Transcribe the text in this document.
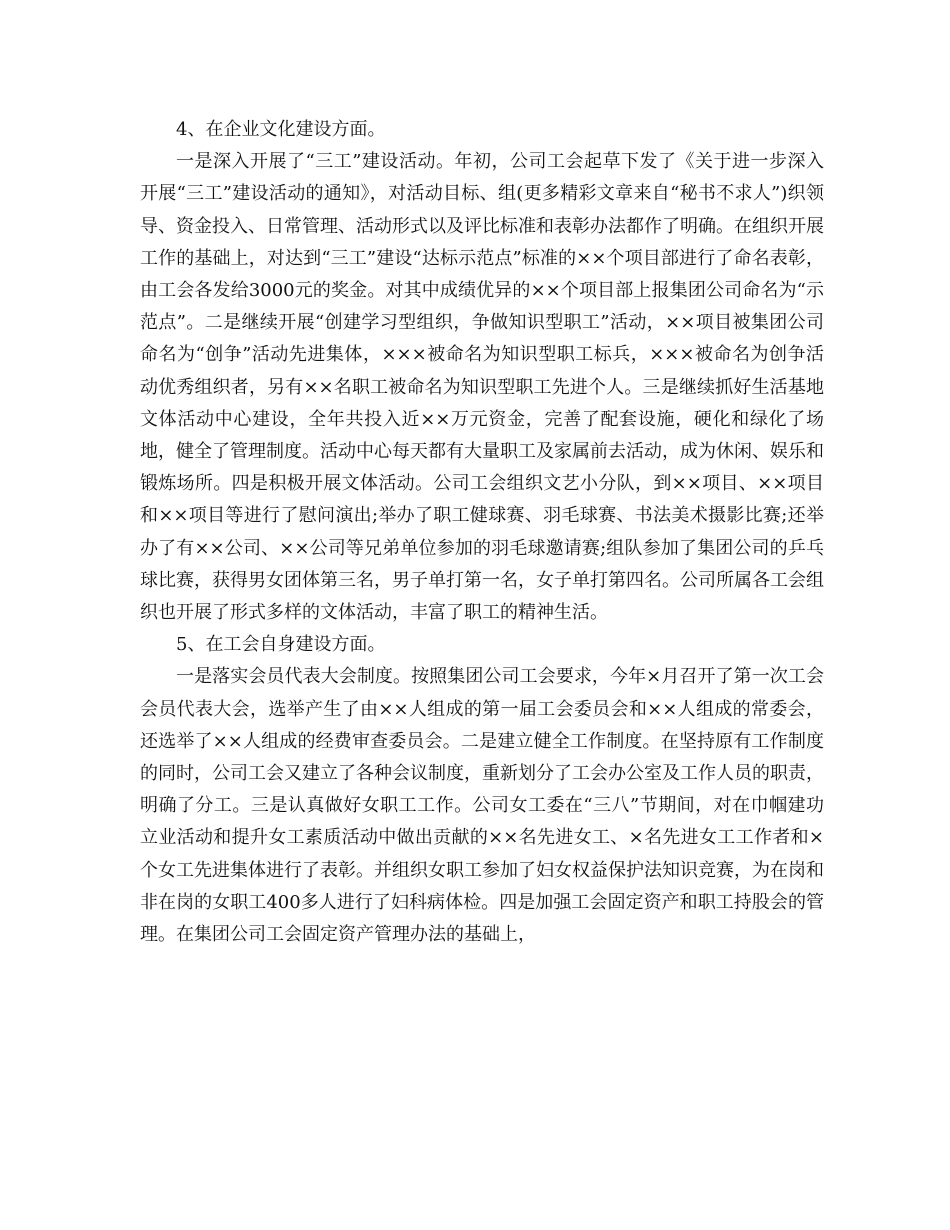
4、在企业文化建设方面。

一是深入开展了“三工”建设活动。年初，公司工会起草下发了《关于进一步深入开展“三工”建设活动的通知》，对活动目标、组(更多精彩文章来自“秘书不求人”)织领导、资金投入、日常管理、活动形式以及评比标准和表彰办法都作了明确。在组织开展工作的基础上，对达到“三工”建设“达标示范点”标准的××个项目部进行了命名表彰，由工会各发给3000元的奖金。对其中成绩优异的××个项目部上报集团公司命名为“示范点”。二是继续开展“创建学习型组织，争做知识型职工”活动，××项目被集团公司命名为“创争”活动先进集体，×××被命名为知识型职工标兵，×××被命名为创争活动优秀组织者，另有××名职工被命名为知识型职工先进个人。三是继续抓好生活基地文体活动中心建设，全年共投入近××万元资金，完善了配套设施，硬化和绿化了场地，健全了管理制度。活动中心每天都有大量职工及家属前去活动，成为休闲、娱乐和锻炼场所。四是积极开展文体活动。公司工会组织文艺小分队，到××项目、××项目和××项目等进行了慰问演出;举办了职工健球赛、羽毛球赛、书法美术摄影比赛;还举办了有××公司、××公司等兄弟单位参加的羽毛球邀请赛;组队参加了集团公司的乒乓球比赛，获得男女团体第三名，男子单打第一名，女子单打第四名。公司所属各工会组织也开展了形式多样的文体活动，丰富了职工的精神生活。

5、在工会自身建设方面。

一是落实会员代表大会制度。按照集团公司工会要求，今年×月召开了第一次工会会员代表大会，选举产生了由××人组成的第一届工会委员会和××人组成的常委会，还选举了××人组成的经费审查委员会。二是建立健全工作制度。在坚持原有工作制度的同时，公司工会又建立了各种会议制度，重新划分了工会办公室及工作人员的职责，明确了分工。三是认真做好女职工工作。公司女工委在“三八”节期间，对在巾帼建功立业活动和提升女工素质活动中做出贡献的××名先进女工、×名先进女工工作者和×个女工先进集体进行了表彰。并组织女职工参加了妇女权益保护法知识竞赛，为在岗和非在岗的女职工400多人进行了妇科病体检。四是加强工会固定资产和职工持股会的管理。在集团公司工会固定资产管理办法的基础上，
